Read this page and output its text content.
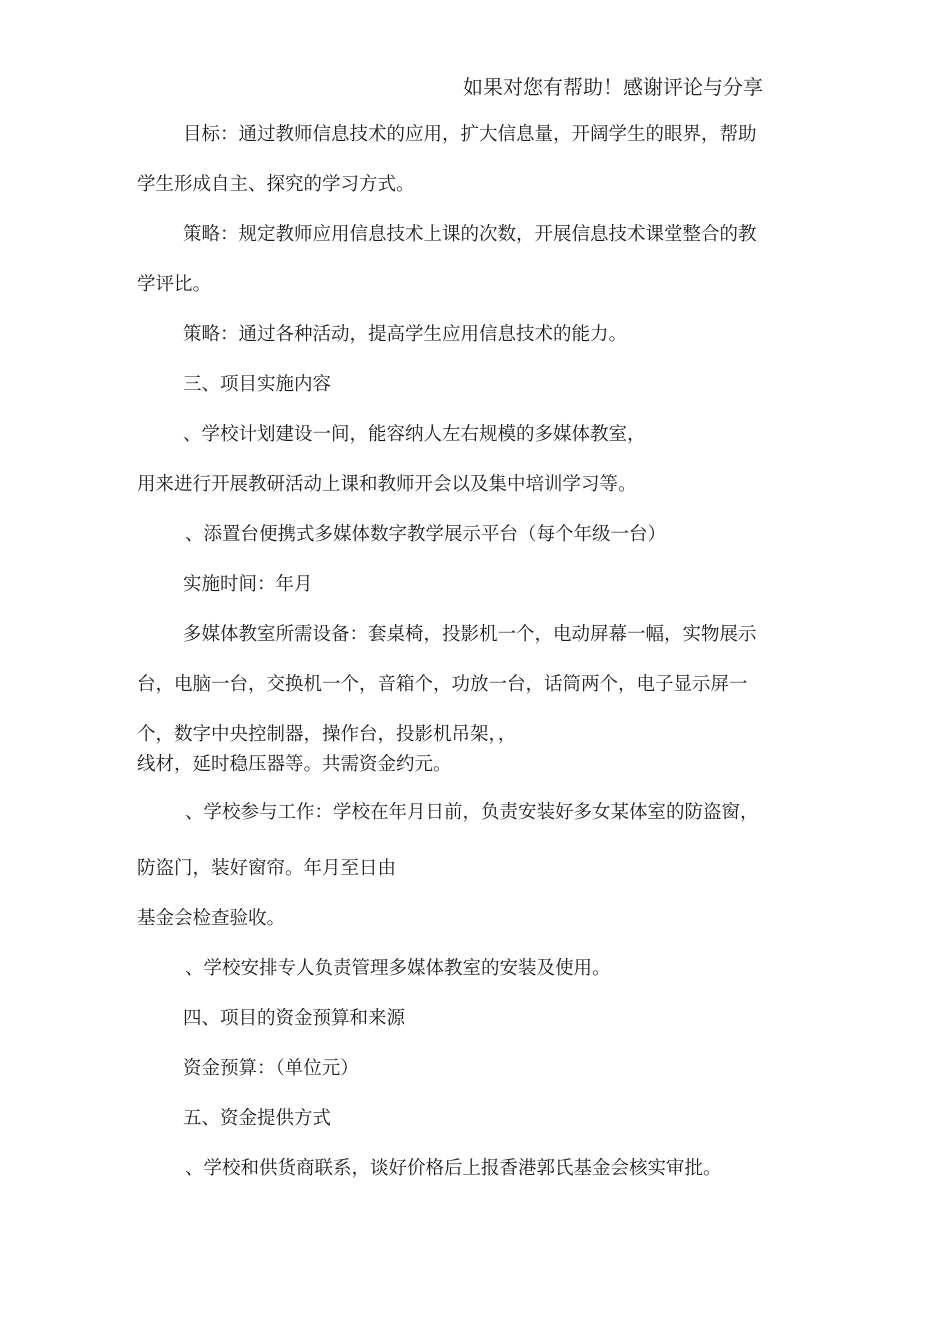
如果对您有帮助！感谢评论与分享
目标：通过教师信息技术的应用，扩大信息量，开阔学生的眼界，帮助
学生形成自主、探究的学习方式。
策略：规定教师应用信息技术上课的次数，开展信息技术课堂整合的教
学评比。
策略：通过各种活动，提高学生应用信息技术的能力。
三、项目实施内容
、学校计划建设一间，能容纳人左右规模的多媒体教室，
用来进行开展教研活动上课和教师开会以及集中培训学习等。
、添置台便携式多媒体数字教学展示平台（每个年级一台）
实施时间：年月
多媒体教室所需设备：套桌椅，投影机一个，电动屏幕一幅，实物展示
台，电脑一台，交换机一个，音箱个，功放一台，话筒两个，电子显示屏一
个，数字中央控制器，操作台，投影机吊架，，
线材，延时稳压器等。共需资金约元。
、学校参与工作：学校在年月日前，负责安装好多女某体室的防盗窗，
防盗门，装好窗帘。年月至日由
基金会检查验收。
、学校安排专人负责管理多媒体教室的安装及使用。
四、项目的资金预算和来源
资金预算：（单位元）
五、资金提供方式
、学校和供货商联系，谈好价格后上报香港郭氏基金会核实审批。
